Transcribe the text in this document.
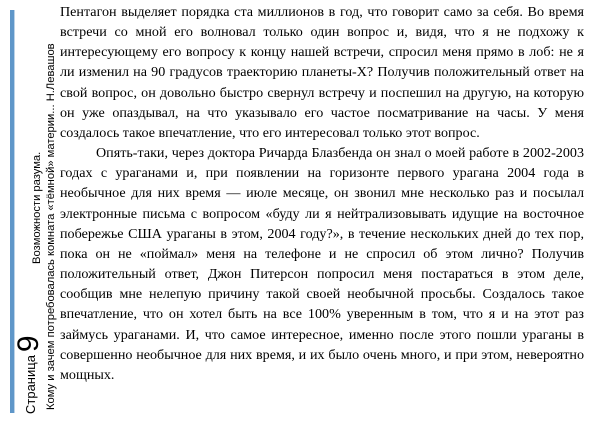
Страница9
Возможности разума. Кому и зачем потребовалась комната «тёмной» материи... Н.Левашов

Пентагон выделяет порядка ста миллионов в год, что говорит само за себя. Во время встречи со мной его волновал только один вопрос и, видя, что я не подхожу к интересующему его вопросу к концу нашей встречи, спросил меня прямо в лоб: не я ли изменил на 90 градусов траекторию планеты-Х? Получив положительный ответ на свой вопрос, он довольно быстро свернул встречу и поспешил на другую, на которую он уже опаздывал, на что указывало его частое посматривание на часы. У меня создалось такое впечатление, что его интересовал только этот вопрос.

Опять-таки, через доктора Ричарда Блазбенда он знал о моей работе в 2002-2003 годах с ураганами и, при появлении на горизонте первого урагана 2004 года в необычное для них время — июле месяце, он звонил мне несколько раз и посылал электронные письма с вопросом «буду ли я нейтрализовывать идущие на восточное побережье США ураганы в этом, 2004 году?», в течение нескольких дней до тех пор, пока он не «поймал» меня на телефоне и не спросил об этом лично? Получив положительный ответ, Джон Питерсон попросил меня постараться в этом деле, сообщив мне нелепую причину такой своей необычной просьбы. Создалось такое впечатление, что он хотел быть на все 100% уверенным в том, что я и на этот раз займусь ураганами. И, что самое интересное, именно после этого пошли ураганы в совершенно необычное для них время, и их было очень много, и при этом, невероятно мощных.
